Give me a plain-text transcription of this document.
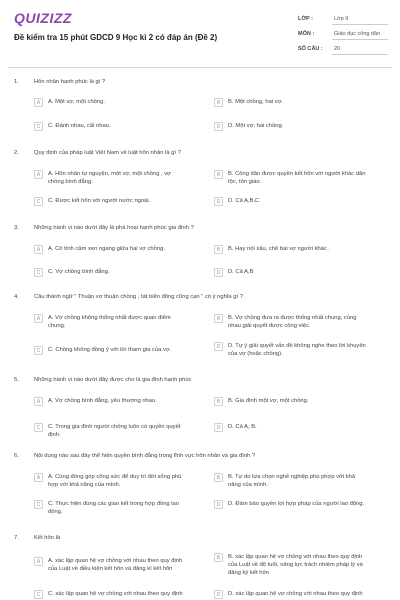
QUIZIZZ
Đề kiểm tra 15 phút GDCD 9 Học kì 2 có đáp án (Đề 2)
LỚP :	Lớp 9
MÔN :	Giáo dục công dân
SỐ CÂU : 20
1.	Hôn nhân hạnh phúc là gì ?
A	A. Một vợ, một chồng.	B	B. Một chồng, hai vợ.
C	C. Đánh nhau, cãi nhau.	D	D. Một vợ, hai chồng.
2.	Quy định của pháp luật Việt Nam về luật hôn nhân là gì ?
A	A. Hôn nhân tự nguyện, một vợ, một chồng , vợ chồng bình đẳng.
B	B. Công dân được quyền kết hôn với người khác dân tộc, tôn giáo.
C	C. Được kết hôn với người nước ngoài.	D	D. Cả A,B,C
3.	Những hành vi nào dưới đây là phá hoại hạnh phúc gia đình ?
A	A. Cô tình cảm xen ngang giữa hai vợ chồng.	B	B. Hay nói xấu, chê bai vợ người khác .
C	C. Vợ chồng bình đẳng.	D	D. Cả A,B
4.	Câu thành ngữ " Thuận vợ thuận chồng , tát biển đông cũng cạn " có ý nghĩa gì ?
A	A. Vợ chồng không thống nhất được quan điểm chung.
B	B. Vợ chồng đưa ra được thống nhất chung, cùng nhau giải quyết được công việc.
C	C. Chồng không đồng ý với lời tham gia của vợ.	D	D. Tự ý giải quyết vấn đề không nghe theo lời khuyên của vợ (hoặc chồng).
5.	Những hành vi nào dưới đây được cho là gia đình hạnh phúc
A	A. Vợ chồng bình đẳng, yêu thương nhau.	B	B. Gia đình một vợ, một chồng.
C	C. Trong gia đình người chồng luôn có quyền quyết định.
D	D. Cả A, B.
6.	Nội dung nào sau đây thể hiện quyền bình đẳng trong lĩnh vực hôn nhân và gia đình ?
A	A. Cùng đóng góp công sức để duy trì đời sống phù hợp với khả năng của mình.
B	B. Tự do lựa chọn nghề nghiệp phù phợp với khả năng của mình.
C	C. Thực hiện đúng các giao kết trong hợp đồng lao động.
D	D. Đảm bảo quyền lợi hợp pháp của người lao động.
7.	Kết hôn là
A	A. xác lập quan hệ vợ chồng với nhau theo quy định của Luật về điều kiện kết hôn và đăng kí kết hôn
B	B. xác lập quan hệ vợ chồng với nhau theo quy định của Luật về độ tuổi, năng lực trách nhiệm pháp lý và đăng ký kết hôn
C	C. xác lập quan hệ vợ chồng với nhau theo quy định	D	D. xác lập quan hệ vợ chồng với nhau theo quy định
